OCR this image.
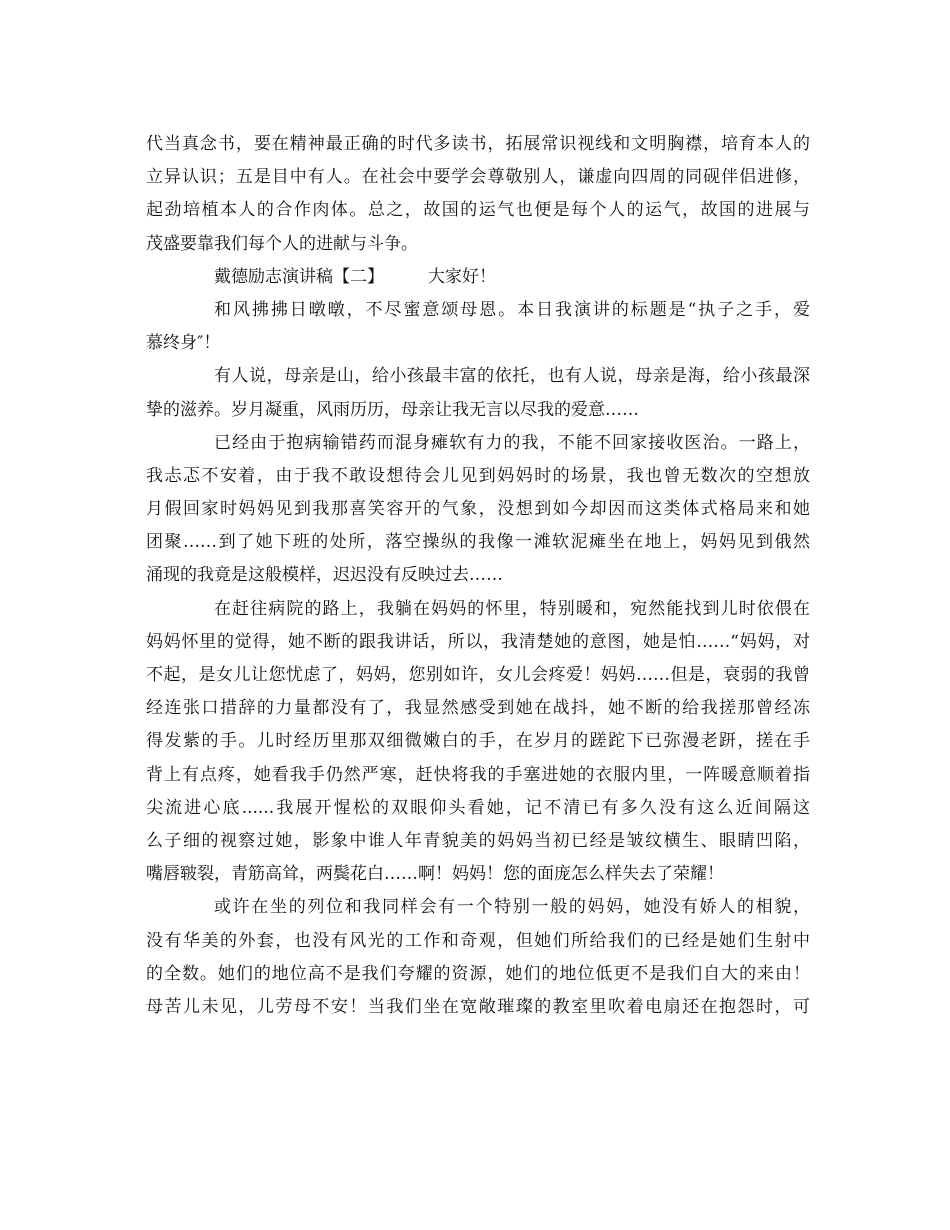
代当真念书，要在精神最正确的时代多读书，拓展常识视线和文明胸襟，培育本人的
立异认识；五是目中有人。在社会中要学会尊敬别人，谦虚向四周的同砚伴侣进修，
起劲培植本人的合作肉体。总之，故国的运气也便是每个人的运气，故国的进展与
茂盛要靠我们每个人的进献与斗争。
戴德励志演讲稿【二】	大家好！
和风拂拂日暾暾，不尽蜜意颂母恩。本日我演讲的标题是“执子之手，爱
慕终身″！
有人说，母亲是山，给小孩最丰富的依托，也有人说，母亲是海，给小孩最深
挚的滋养。岁月凝重，风雨历历，母亲让我无言以尽我的爱意……
已经由于抱病输错药而混身瘫软有力的我，不能不回家接收医治。一路上，
我忐忑不安着，由于我不敢设想待会儿见到妈妈时的场景，我也曾无数次的空想放
月假回家时妈妈见到我那喜笑容开的气象，没想到如今却因而这类体式格局来和她
团聚……到了她下班的处所，落空操纵的我像一滩软泥瘫坐在地上，妈妈见到俄然
涌现的我竟是这般模样，迟迟没有反映过去……
在赶往病院的路上，我躺在妈妈的怀里，特别暖和，宛然能找到儿时依偎在
妈妈怀里的觉得，她不断的跟我讲话，所以，我清楚她的意图，她是怕……“妈妈，对
不起，是女儿让您忧虑了，妈妈，您别如许，女儿会疼爱！妈妈……但是，衰弱的我曾
经连张口措辞的力量都没有了，我显然感受到她在战抖，她不断的给我搓那曾经冻
得发紫的手。儿时经历里那双细微嫩白的手，在岁月的蹉跎下已弥漫老趼，搓在手
背上有点疼，她看我手仍然严寒，赶快将我的手塞进她的衣服内里，一阵暖意顺着指
尖流进心底......我展开惺松的双眼仰头看她，记不清已有多久没有这么近间隔这
么子细的视察过她，影象中谁人年青貌美的妈妈当初已经是皱纹横生、眼睛凹陷，
嘴唇皲裂，青筋高耸，两鬓花白……啊！妈妈！您的面庞怎么样失去了荣耀！
或许在坐的列位和我同样会有一个特别一般的妈妈，她没有娇人的相貌，
没有华美的外套，也没有风光的工作和奇观，但她们所给我们的已经是她们生射中
的全数。她们的地位高不是我们夸耀的资源，她们的地位低更不是我们自大的来由！
母苦儿未见，儿劳母不安！当我们坐在宽敞璀璨的教室里吹着电扇还在抱怨时，可
